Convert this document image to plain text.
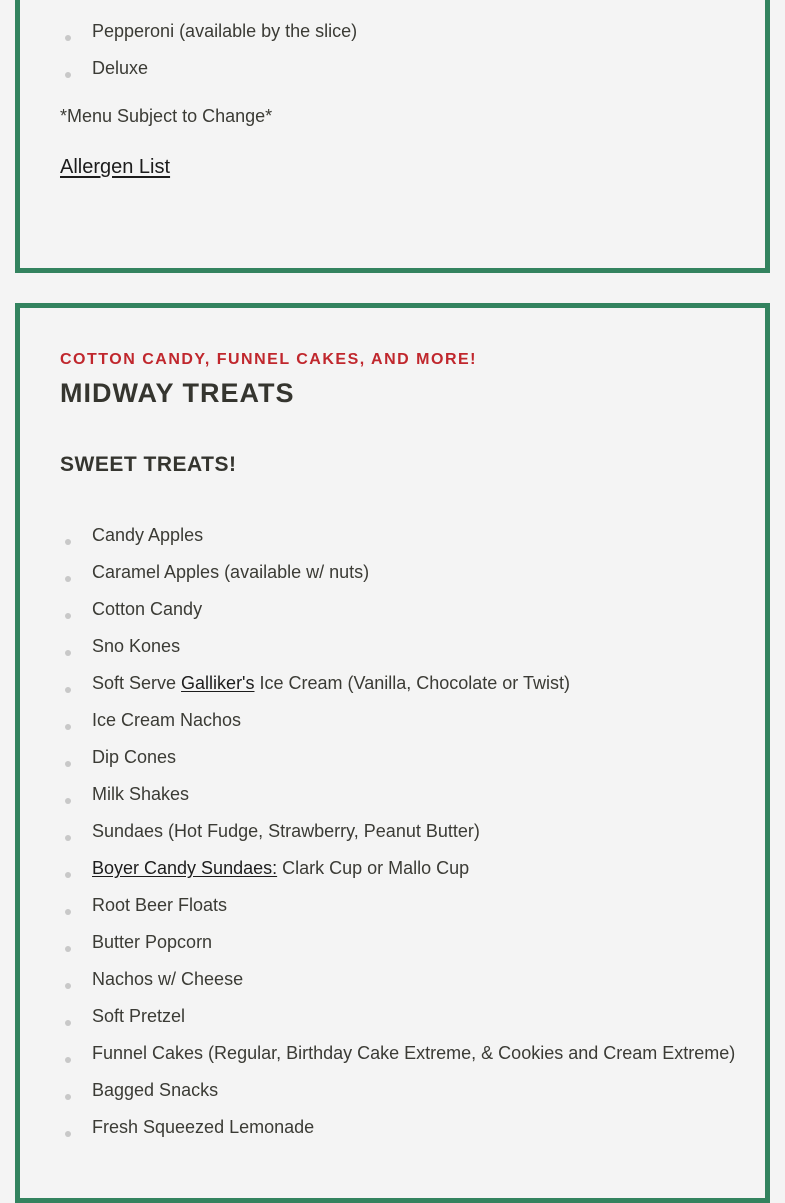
Pepperoni (available by the slice)
Deluxe
*Menu Subject to Change*
Allergen List
COTTON CANDY, FUNNEL CAKES, AND MORE!
MIDWAY TREATS
SWEET TREATS!
Candy Apples
Caramel Apples (available w/ nuts)
Cotton Candy
Sno Kones
Soft Serve Galliker's Ice Cream (Vanilla, Chocolate or Twist)
Ice Cream Nachos
Dip Cones
Milk Shakes
Sundaes (Hot Fudge, Strawberry, Peanut Butter)
Boyer Candy Sundaes: Clark Cup or Mallo Cup
Root Beer Floats
Butter Popcorn
Nachos w/ Cheese
Soft Pretzel
Funnel Cakes (Regular, Birthday Cake Extreme, & Cookies and Cream Extreme)
Bagged Snacks
Fresh Squeezed Lemonade
